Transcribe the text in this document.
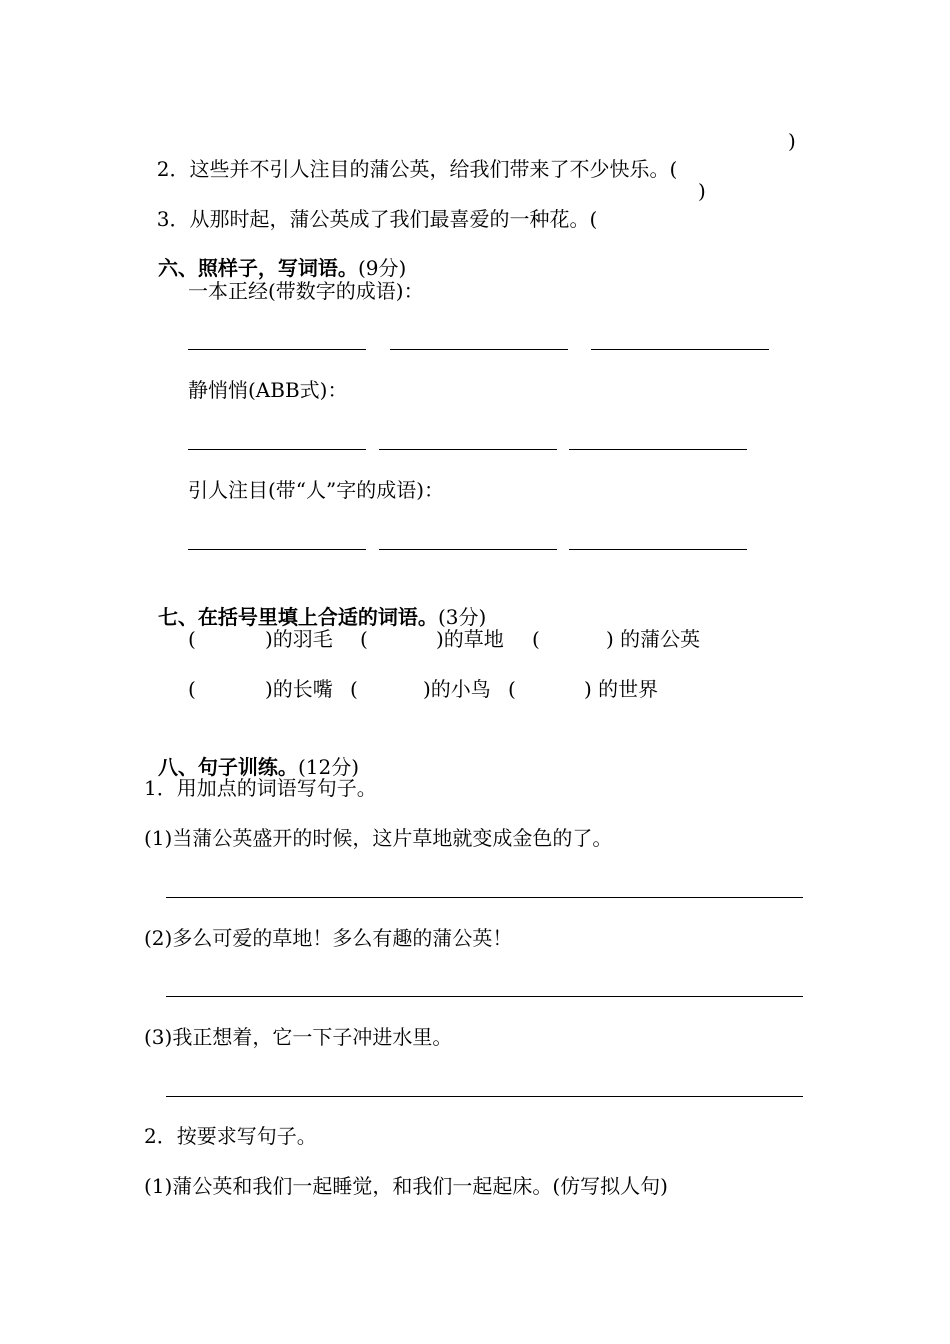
2．这些并不引人注目的蒲公英，给我们带来了不少快乐。(

)

3．从那时起，蒲公英成了我们最喜爱的一种花。(

)

六、照样子，写词语。(9分)

一本正经(带数字的成语)：
静悄悄(ABB式)：
引人注目(带“人”字的成语)：

七、在括号里填上合适的词语。(3分)

(	)的羽毛 (	)的草地 (	) 的蒲公英
(	)的长嘴 (	)的小鸟 (	) 的世界

八、句子训练。(12分)

1．用加点的词语写句子。
(1)当蒲公英盛开的时候，这片草地就变成金色的了。
(2)多么可爱的草地！多么有趣的蒲公英！
(3)我正想着，它一下子冲进水里。
2．按要求写句子。
(1)蒲公英和我们一起睡觉，和我们一起起床。(仿写拟人句)
